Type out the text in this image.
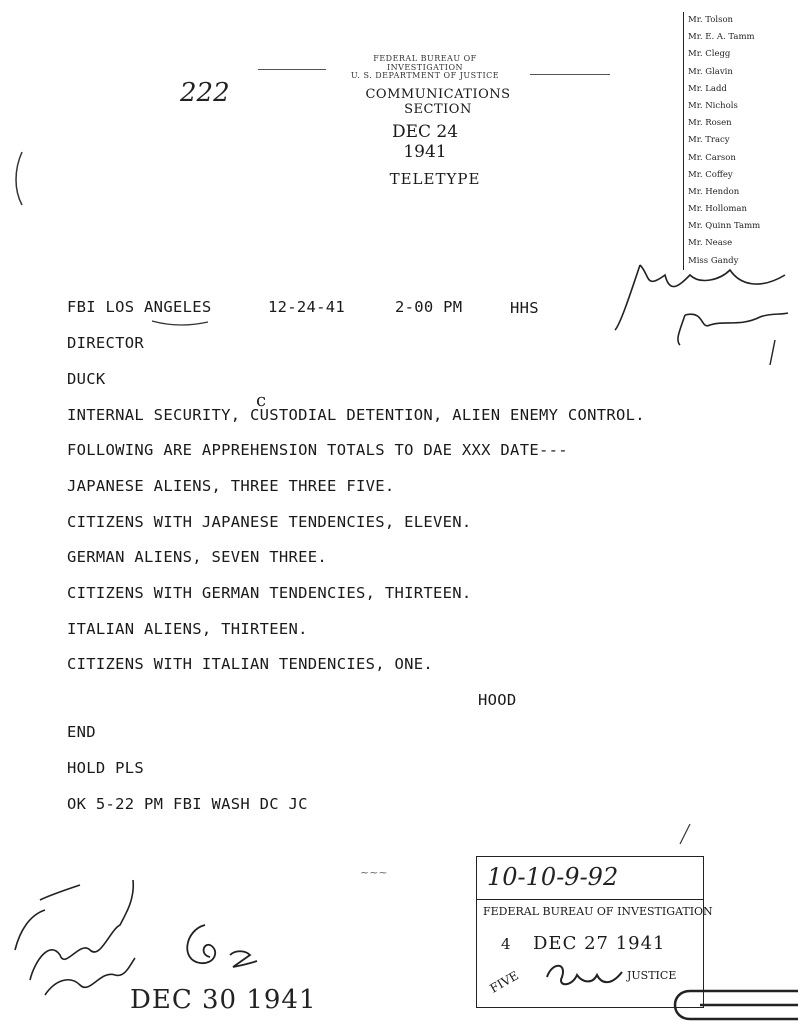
FEDERAL BUREAU OF INVESTIGATION
U. S. DEPARTMENT OF JUSTICE
COMMUNICATIONS SECTION
DEC 24 1941
TELETYPE
222
Mr. Tolson
Mr. E. A. Tamm
Mr. Clegg
Mr. Glavin
Mr. Ladd
Mr. Nichols
Mr. Rosen
Mr. Tracy
Mr. Carson
Mr. Coffey
Mr. Hendon
Mr. Holloman
Mr. Quinn Tamm
Mr. Nease
Miss Gandy
FBI LOS ANGELES	12-24-41	2-00 PM	HHS
DIRECTOR
DUCK
INTERNAL SECURITY, CUSTODIAL DETENTION, ALIEN ENEMY CONTROL.
c
FOLLOWING ARE APPREHENSION TOTALS TO DAE XXX DATE---
JAPANESE ALIENS, THREE THREE FIVE.
CITIZENS WITH JAPANESE TENDENCIES, ELEVEN.
GERMAN ALIENS, SEVEN THREE.
CITIZENS WITH GERMAN TENDENCIES, THIRTEEN.
ITALIAN ALIENS, THIRTEEN.
CITIZENS WITH ITALIAN TENDENCIES, ONE.
HOOD
END
HOLD PLS
OK 5-22 PM FBI WASH DC JC
DEC 30 1941
~~~	10-10-9-92
FEDERAL BUREAU OF INVESTIGATION
4 DEC 27 1941
JUSTICE
FIVE
